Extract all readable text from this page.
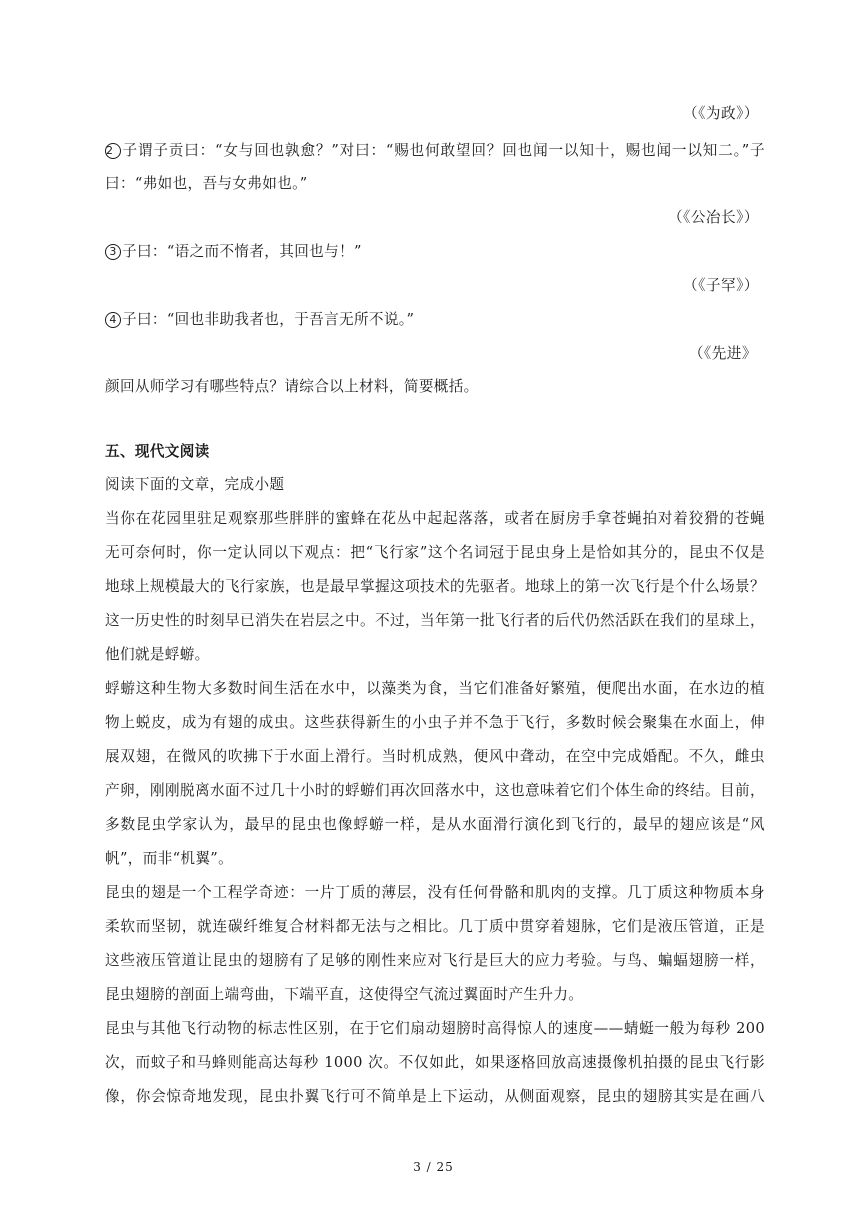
（《为政》）
2 子谓子贡曰：“女与回也孰愈？”对曰：“赐也何敢望回？回也闻一以知十，赐也闻一以知二。”子
曰：“弗如也，吾与女弗如也。”
（《公冶长》）
3 子曰：“语之而不惰者，其回也与！”
（《子罕》）
4 子曰：“回也非助我者也，于吾言无所不说。”
（《先进》
颜回从师学习有哪些特点？请综合以上材料，简要概括。
五、现代文阅读
阅读下面的文章，完成小题
当你在花园里驻足观察那些胖胖的蜜蜂在花丛中起起落落，或者在厨房手拿苍蝇拍对着狡猾的苍蝇
无可奈何时，你一定认同以下观点：把“飞行家”这个名词冠于昆虫身上是恰如其分的，昆虫不仅是
地球上规模最大的飞行家族，也是最早掌握这项技术的先驱者。地球上的第一次飞行是个什么场景？
这一历史性的时刻早已消失在岩层之中。不过，当年第一批飞行者的后代仍然活跃在我们的星球上，
他们就是蜉蝣。
蜉蝣这种生物大多数时间生活在水中，以藻类为食，当它们准备好繁殖，便爬出水面，在水边的植
物上蜕皮，成为有翅的成虫。这些获得新生的小虫子并不急于飞行，多数时候会聚集在水面上，伸
展双翅，在微风的吹拂下于水面上滑行。当时机成熟，便风中聋动，在空中完成婚配。不久，雌虫
产卵，刚刚脱离水面不过几十小时的蜉蝣们再次回落水中，这也意味着它们个体生命的终结。目前，
多数昆虫学家认为，最早的昆虫也像蜉蝣一样，是从水面滑行演化到飞行的，最早的翅应该是“风
帆”，而非“机翼”。
昆虫的翅是一个工程学奇迹：一片丁质的薄层，没有任何骨骼和肌肉的支撑。几丁质这种物质本身
柔软而坚韧，就连碳纤维复合材料都无法与之相比。几丁质中贯穿着翅脉，它们是液压管道，正是
这些液压管道让昆虫的翅膀有了足够的刚性来应对飞行是巨大的应力考验。与鸟、蝙蝠翅膀一样，
昆虫翅膀的剖面上端弯曲，下端平直，这使得空气流过翼面时产生升力。
昆虫与其他飞行动物的标志性区别，在于它们扇动翅膀时高得惊人的速度——蜻蜓一般为每秒 200
次，而蚊子和马蜂则能高达每秒 1000 次。不仅如此，如果逐格回放高速摄像机拍摄的昆虫飞行影
像，你会惊奇地发现，昆虫扑翼飞行可不简单是上下运动，从侧面观察，昆虫的翅膀其实是在画八
3 / 25
